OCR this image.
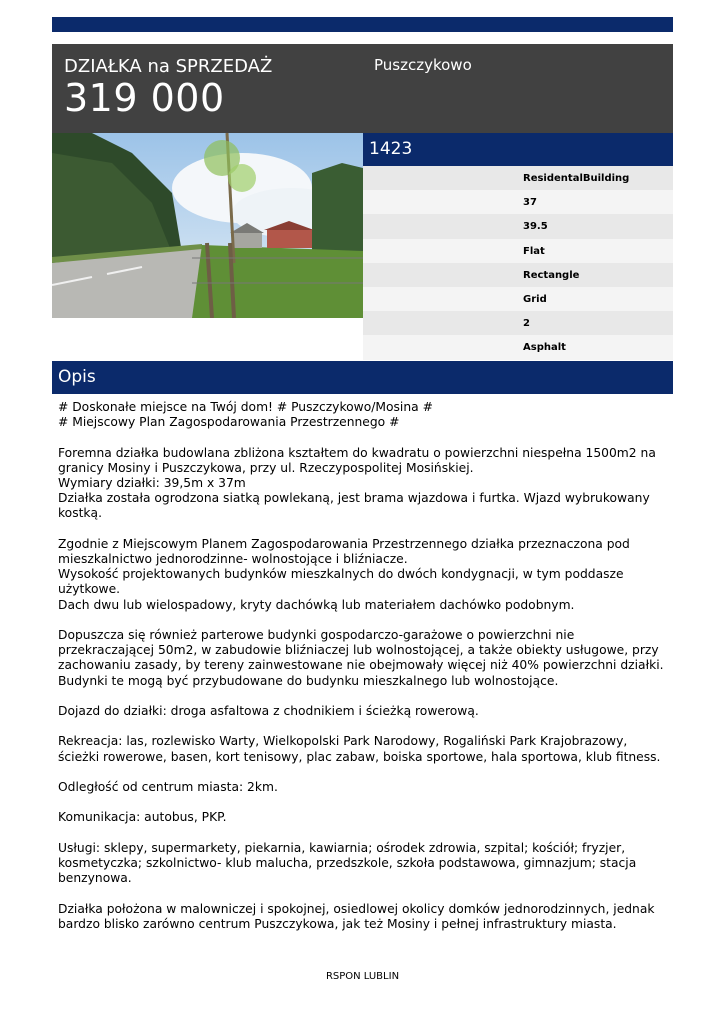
DZIAŁKA na SPRZEDAŻ
319 000
Puszczykowo
1423
ResidentalBuilding
37
39.5
Flat
Rectangle
Grid
2
Asphalt
Opis

# Doskonałe miejsce na Twój dom! # Puszczykowo/Mosina #
# Miejscowy Plan Zagospodarowania Przestrzennego #

Foremna działka budowlana zbliżona kształtem do kwadratu o powierzchni niespełna 1500m2 na
granicy Mosiny i Puszczykowa, przy ul. Rzeczypospolitej Mosińskiej.
Wymiary działki: 39,5m x 37m
Działka została ogrodzona siatką powlekaną, jest brama wjazdowa i furtka. Wjazd wybrukowany
kostką.

Zgodnie z Miejscowym Planem Zagospodarowania Przestrzennego działka przeznaczona pod
mieszkalnictwo jednorodzinne- wolnostojące i bliźniacze.
Wysokość projektowanych budynków mieszkalnych do dwóch kondygnacji, w tym poddasze
użytkowe.
Dach dwu lub wielospadowy, kryty dachówką lub materiałem dachówko podobnym.

Dopuszcza się również parterowe budynki gospodarczo-garażowe o powierzchni nie
przekraczającej 50m2, w zabudowie bliźniaczej lub wolnostojącej, a także obiekty usługowe, przy
zachowaniu zasady, by tereny zainwestowane nie obejmowały więcej niż 40% powierzchni działki.
Budynki te mogą być przybudowane do budynku mieszkalnego lub wolnostojące.

Dojazd do działki: droga asfaltowa z chodnikiem i ścieżką rowerową.

Rekreacja: las, rozlewisko Warty, Wielkopolski Park Narodowy, Rogaliński Park Krajobrazowy,
ścieżki rowerowe, basen, kort tenisowy, plac zabaw, boiska sportowe, hala sportowa, klub fitness.

Odległość od centrum miasta: 2km.

Komunikacja: autobus, PKP.

Usługi: sklepy, supermarkety, piekarnia, kawiarnia; ośrodek zdrowia, szpital; kościół; fryzjer,
kosmetyczka; szkolnictwo- klub malucha, przedszkole, szkoła podstawowa, gimnazjum; stacja
benzynowa.

Działka położona w malowniczej i spokojnej, osiedlowej okolicy domków jednorodzinnych, jednak
bardzo blisko zarówno centrum Puszczykowa, jak też Mosiny i pełnej infrastruktury miasta.

RSPON LUBLIN
